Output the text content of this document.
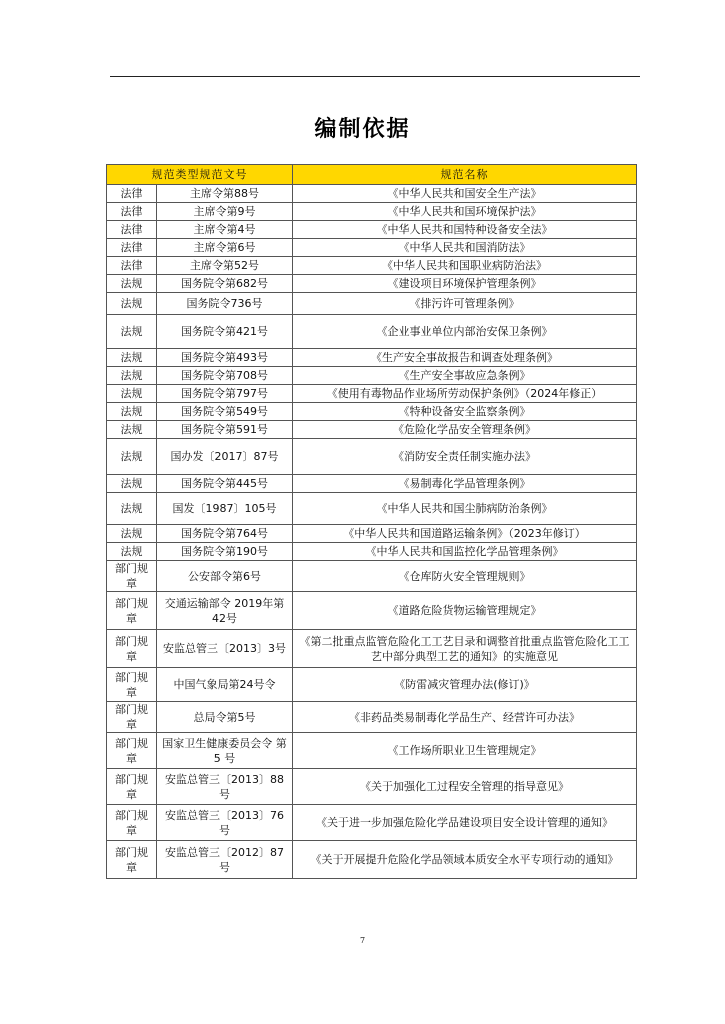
编制依据
规范类型规范文号		规范名称
法律	主席令第88号	《中华人民共和国安全生产法》
法律	主席令第9号	《中华人民共和国环境保护法》
法律	主席令第4号	《中华人民共和国特种设备安全法》
法律	主席令第6号	《中华人民共和国消防法》
法律	主席令第52号	《中华人民共和国职业病防治法》
法规	国务院令第682号	《建设项目环境保护管理条例》
法规	国务院令736号	《排污许可管理条例》
法规	国务院令第421号	《企业事业单位内部治安保卫条例》
法规	国务院令第493号	《生产安全事故报告和调查处理条例》
法规	国务院令第708号	《生产安全事故应急条例》
法规	国务院令第797号	《使用有毒物品作业场所劳动保护条例》（2024年修正）
法规	国务院令第549号	《特种设备安全监察条例》
法规	国务院令第591号	《危险化学品安全管理条例》
法规	国办发〔2017〕87号	《消防安全责任制实施办法》
法规	国务院令第445号	《易制毒化学品管理条例》
法规	国发〔1987〕105号	《中华人民共和国尘肺病防治条例》
法规	国务院令第764号	《中华人民共和国道路运输条例》（2023年修订）
法规	国务院令第190号	《中华人民共和国监控化学品管理条例》
部门规章	公安部令第6号	《仓库防火安全管理规则》
部门规章	交通运输部令 2019年第42号	《道路危险货物运输管理规定》
部门规章	安监总管三〔2013〕3号	《第二批重点监管危险化工工艺目录和调整首批重点监管危险化工工艺中部分典型工艺的通知》的实施意见
部门规章	中国气象局第24号令	《防雷减灾管理办法(修订)》
部门规章	总局令第5号	《非药品类易制毒化学品生产、经营许可办法》
部门规章	国家卫生健康委员会令 第 5 号	《工作场所职业卫生管理规定》
部门规章	安监总管三〔2013〕88号	《关于加强化工过程安全管理的指导意见》
部门规章	安监总管三〔2013〕76号	《关于进一步加强危险化学品建设项目安全设计管理的通知》
部门规章	安监总管三〔2012〕87号	《关于开展提升危险化学品领域本质安全水平专项行动的通知》
7
